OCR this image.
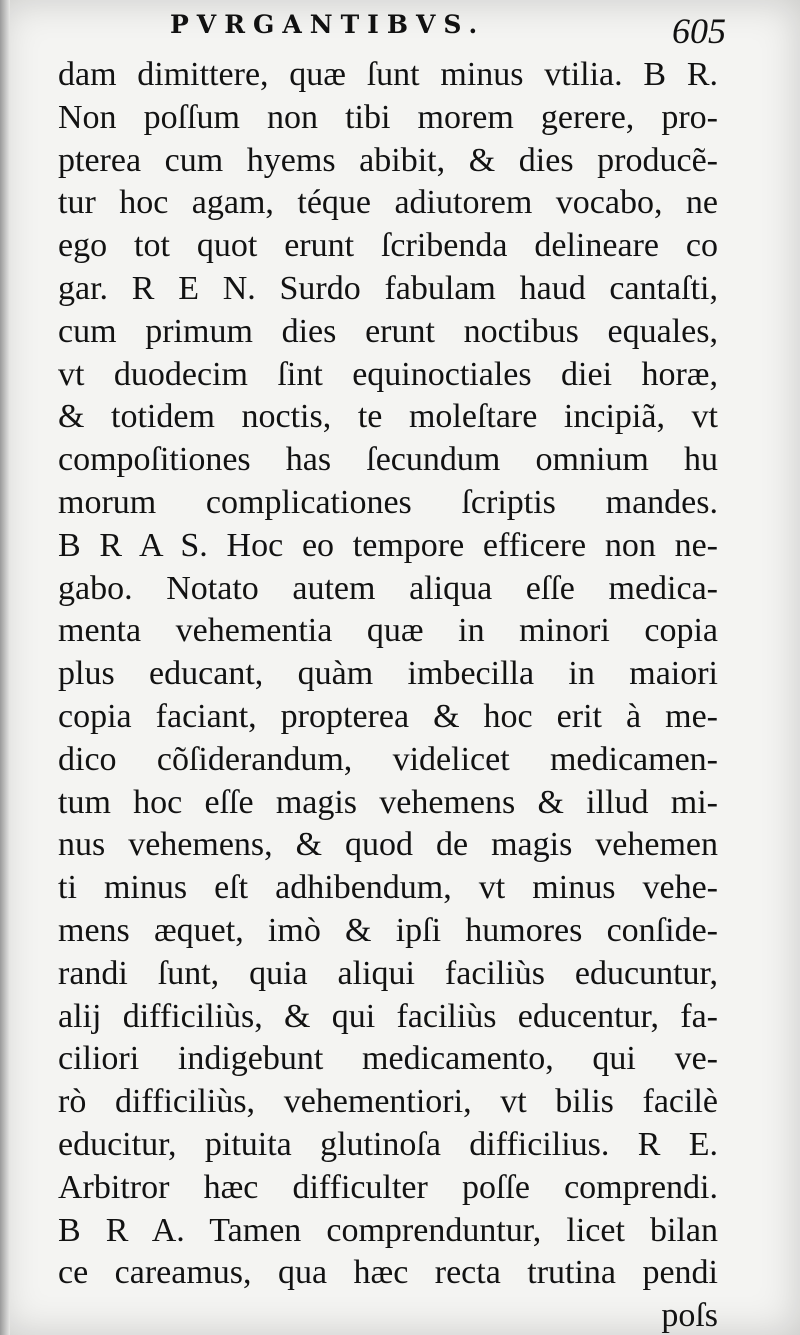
PVRGANTIBVS.	605
dam dimittere, quæ ſunt minus vtilia. B R.
Non poſſum non tibi morem gerere, pro-
pterea cum hyems abibit, & dies producẽ-
tur hoc agam, téque adiutorem vocabo, ne
ego tot quot erunt ſcribenda delineare co
gar. R E N. Surdo fabulam haud cantaſti,
cum primum dies erunt noctibus equales,
vt duodecim ſint equinoctiales diei horæ,
& totidem noctis, te moleſtare incipiã, vt
compoſitiones has ſecundum omnium hu
morum complicationes ſcriptis mandes.
B R A S. Hoc eo tempore efficere non ne-
gabo. Notato autem aliqua eſſe medica-
menta vehementia quæ in minori copia
plus educant, quàm imbecilla in maiori
copia faciant, propterea & hoc erit à me-
dico cõſiderandum, videlicet medicamen-
tum hoc eſſe magis vehemens & illud mi-
nus vehemens, & quod de magis vehemen
ti minus eſt adhibendum, vt minus vehe-
mens æquet, imò & ipſi humores conſide-
randi ſunt, quia aliqui faciliùs educuntur,
alij difficiliùs, & qui faciliùs educentur, fa-
ciliori indigebunt medicamento, qui ve-
rò difficiliùs, vehementiori, vt bilis facilè
educitur, pituita glutinoſa difficilius. R E.
Arbitror hæc difficulter poſſe comprendi.
B R A. Tamen comprenduntur, licet bilan
ce careamus, qua hæc recta trutina pendi
poſs
